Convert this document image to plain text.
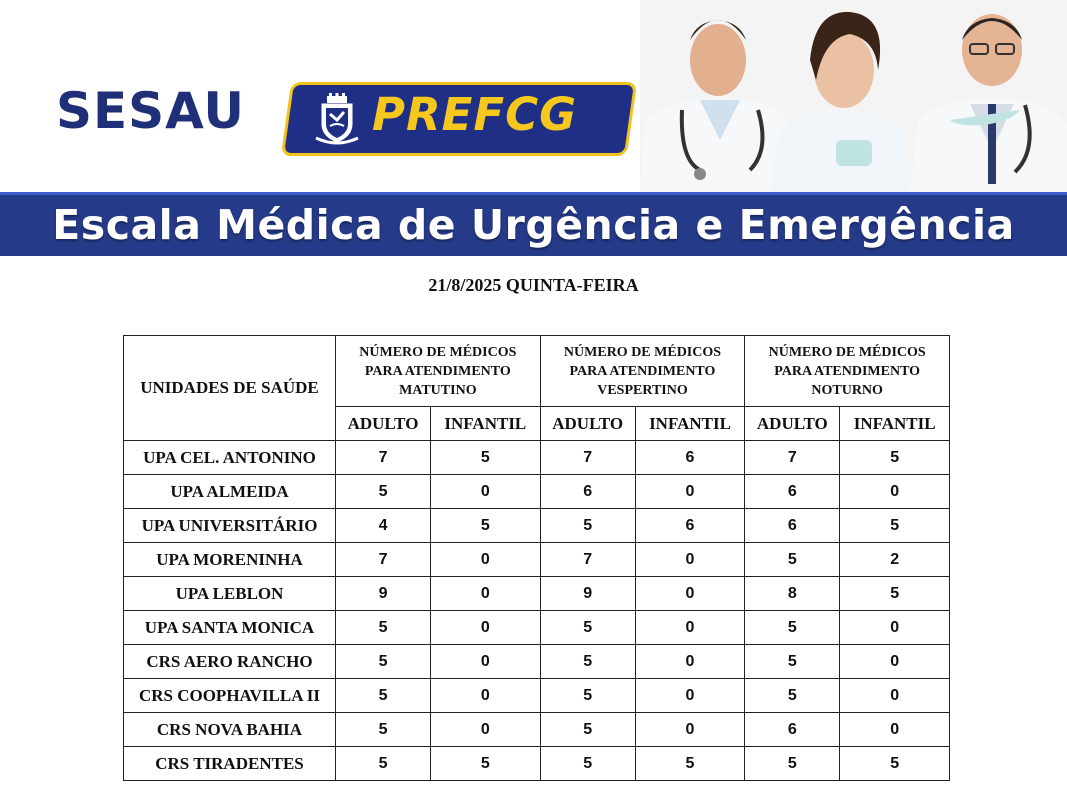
SESAU	PREFCG
Escala Médica de Urgência e Emergência
21/8/2025 QUINTA-FEIRA
UNIDADES DE SAÚDE	NÚMERO DE MÉDICOS
PARA ATENDIMENTO
MATUTINO		NÚMERO DE MÉDICOS
PARA ATENDIMENTO
VESPERTINO		NÚMERO DE MÉDICOS
PARA ATENDIMENTO
NOTURNO	

	ADULTO	INFANTIL	ADULTO	INFANTIL	ADULTO	INFANTIL
UPA CEL. ANTONINO	7	5	7	6	7	5
UPA ALMEIDA	5	0	6	0	6	0
UPA UNIVERSITÁRIO	4	5	5	6	6	5
UPA MORENINHA	7	0	7	0	5	2
UPA LEBLON	9	0	9	0	8	5
UPA SANTA MONICA	5	0	5	0	5	0
CRS AERO RANCHO	5	0	5	0	5	0
CRS COOPHAVILLA II	5	0	5	0	5	0
CRS NOVA BAHIA	5	0	5	0	6	0
CRS TIRADENTES	5	5	5	5	5	5
